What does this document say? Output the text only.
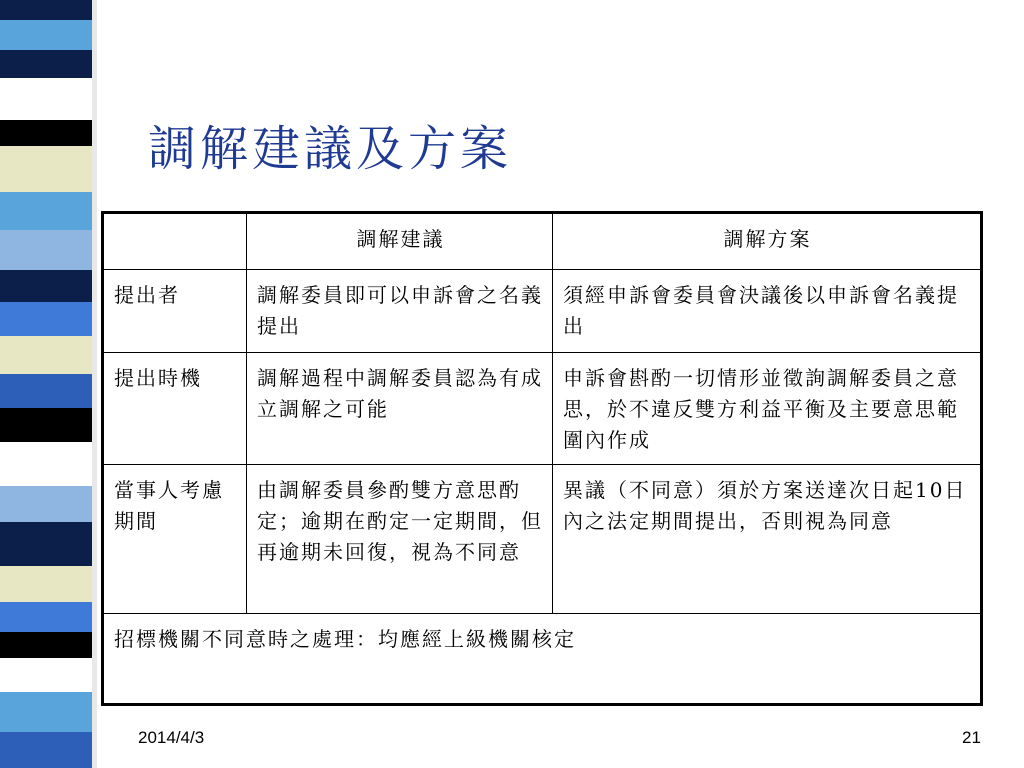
調解建議及方案
	調解建議	調解方案
提出者	調解委員即可以申訴會之名義提出	須經申訴會委員會決議後以申訴會名義提出
提出時機	調解過程中調解委員認為有成立調解之可能	申訴會斟酌一切情形並徵詢調解委員之意思，於不違反雙方利益平衡及主要意思範圍內作成
當事人考慮期間	由調解委員參酌雙方意思酌定；逾期在酌定一定期間，但再逾期未回復，視為不同意	異議（不同意）須於方案送達次日起10日內之法定期間提出，否則視為同意
招標機關不同意時之處理：均應經上級機關核定		
2014/4/3	21
